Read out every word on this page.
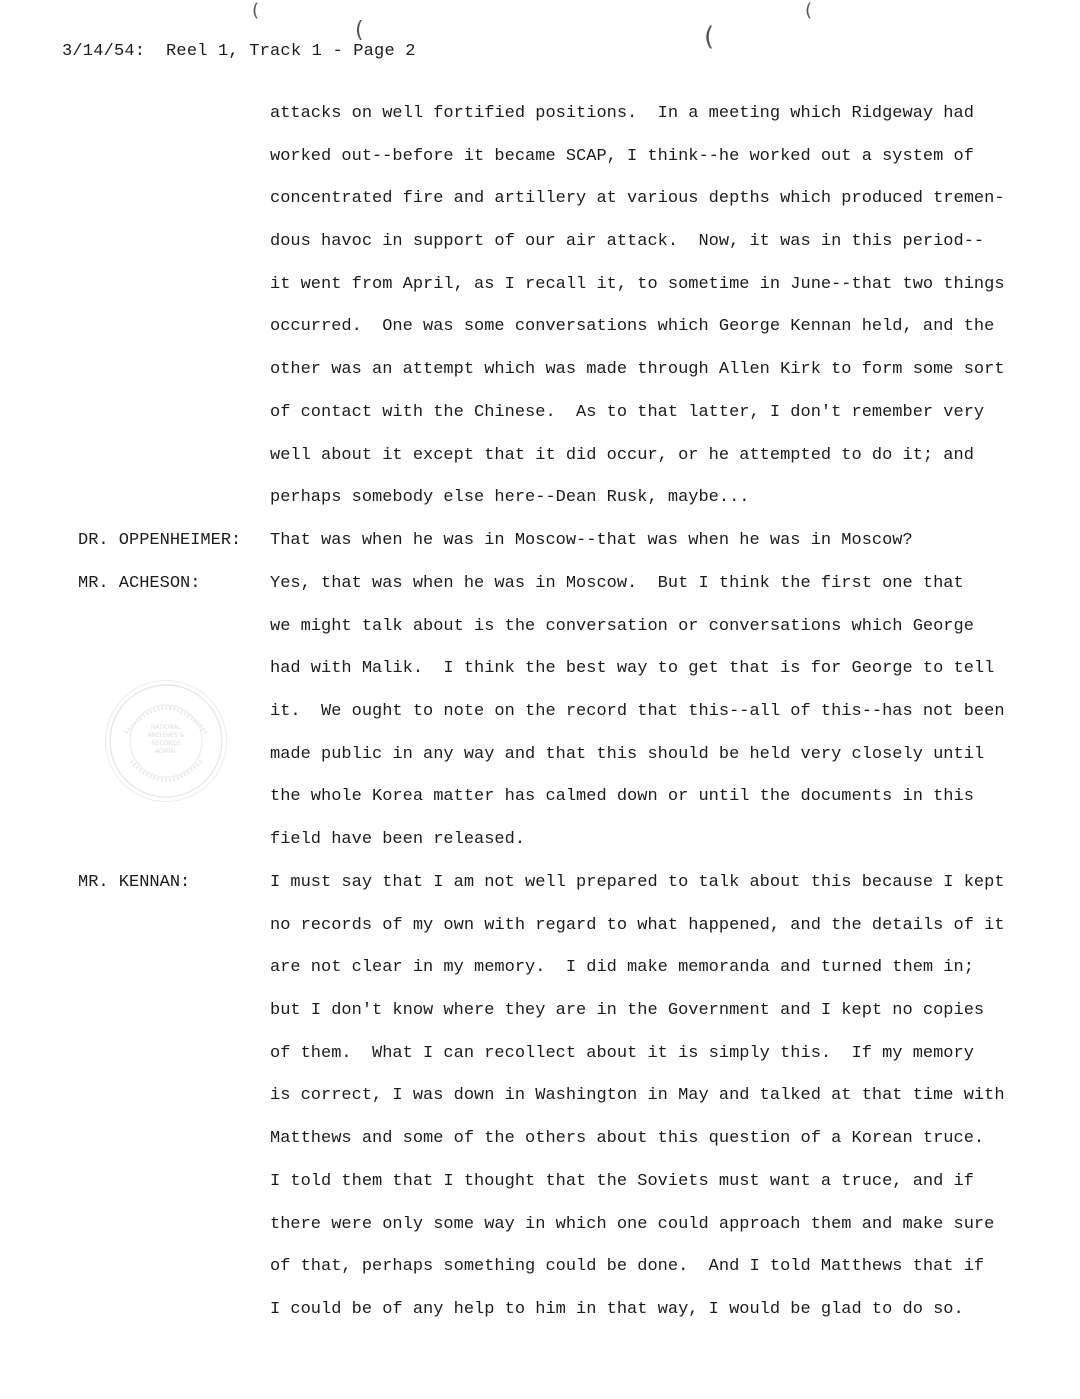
3/14/54:  Reel 1, Track 1 - Page 2
attacks on well fortified positions.  In a meeting which Ridgeway had
worked out--before it became SCAP, I think--he worked out a system of
concentrated fire and artillery at various depths which produced tremen-
dous havoc in support of our air attack.  Now, it was in this period--
it went from April, as I recall it, to sometime in June--that two things
occurred.  One was some conversations which George Kennan held, and the
other was an attempt which was made through Allen Kirk to form some sort
of contact with the Chinese.  As to that latter, I don't remember very
well about it except that it did occur, or he attempted to do it; and
perhaps somebody else here--Dean Rusk, maybe...
DR. OPPENHEIMER: That was when he was in Moscow--that was when he was in Moscow?
MR. ACHESON:	Yes, that was when he was in Moscow.  But I think the first one that
we might talk about is the conversation or conversations which George
had with Malik.  I think the best way to get that is for George to tell
it.  We ought to note on the record that this--all of this--has not been
made public in any way and that this should be held very closely until
the whole Korea matter has calmed down or until the documents in this
field have been released.
MR. KENNAN:	I must say that I am not well prepared to talk about this because I kept
no records of my own with regard to what happened, and the details of it
are not clear in my memory.  I did make memoranda and turned them in;
but I don't know where they are in the Government and I kept no copies
of them.  What I can recollect about it is simply this.  If my memory
is correct, I was down in Washington in May and talked at that time with
Matthews and some of the others about this question of a Korean truce.
I told them that I thought that the Soviets must want a truce, and if
there were only some way in which one could approach them and make sure
of that, perhaps something could be done.  And I told Matthews that if
I could be of any help to him in that way, I would be glad to do so.
NATIONAL
ARCHIVES &
RECORDS
ADMIN.
(
(	(
(
